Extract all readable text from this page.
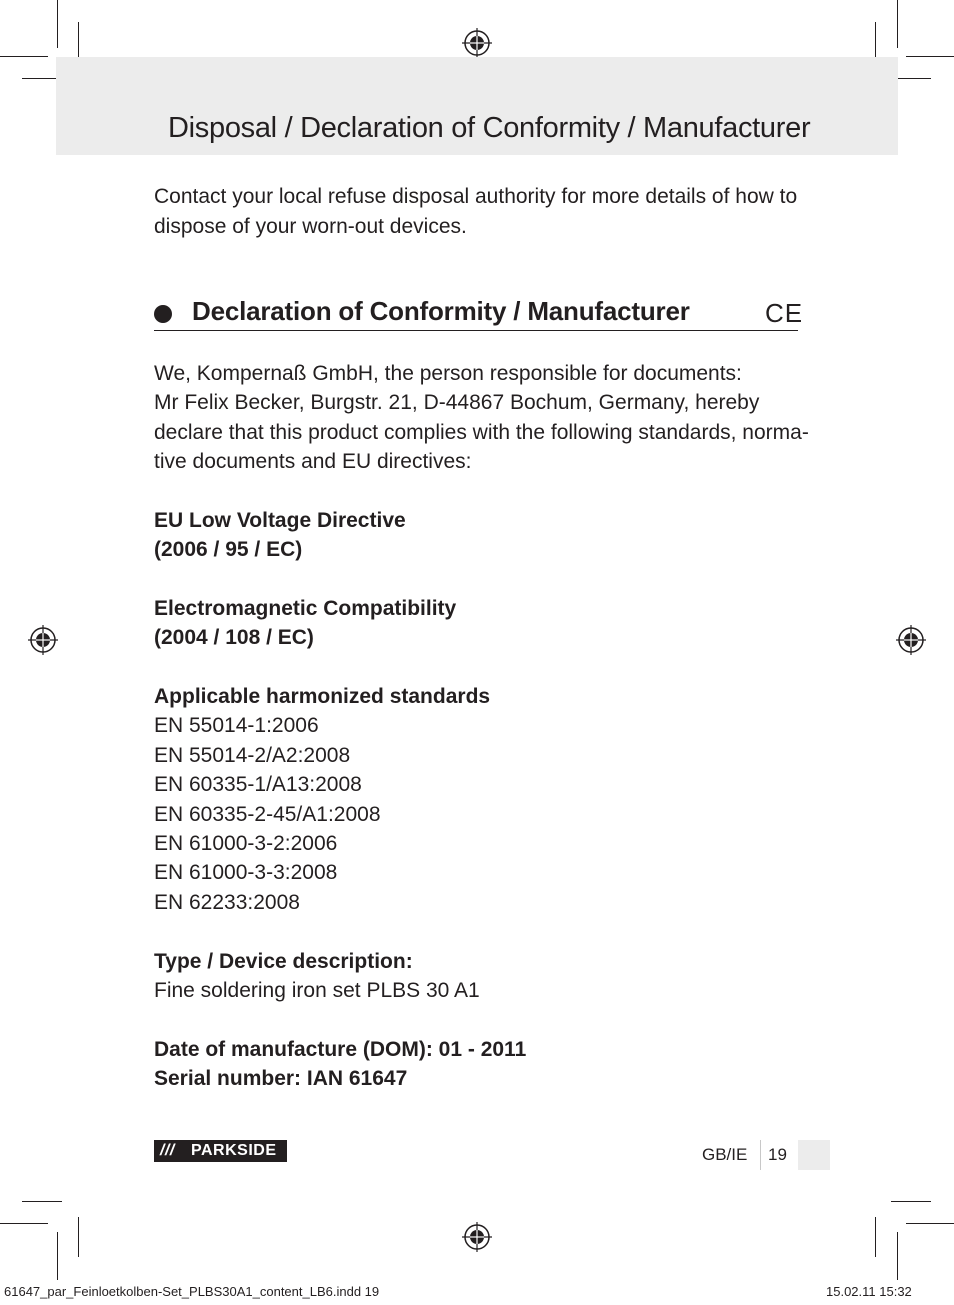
Disposal / Declaration of Conformity / Manufacturer

Contact your local refuse disposal authority for more details of how to dispose of your worn-out devices.

Declaration of Conformity / Manufacturer	CE
We, Kompernaß GmbH, the person responsible for documents:
Mr Felix Becker, Burgstr. 21, D-44867 Bochum, Germany, hereby
declare that this product complies with the following standards, norma-
tive documents and EU directives:
EU Low Voltage Directive
(2006 / 95 / EC)
Electromagnetic Compatibility
(2004 / 108 / EC)
Applicable harmonized standards
EN 55014-1:2006
EN 55014-2/A2:2008
EN 60335-1/A13:2008
EN 60335-2-45/A1:2008
EN 61000-3-2:2006
EN 61000-3-3:2008
EN 62233:2008
Type / Device description:
Fine soldering iron set PLBS 30 A1
Date of manufacture (DOM): 01 - 2011
Serial number: IAN 61647
/// PARKSIDE	GB/IE 19
61647_par_Feinloetkolben-Set_PLBS30A1_content_LB6.indd 19	15.02.11 15:32
